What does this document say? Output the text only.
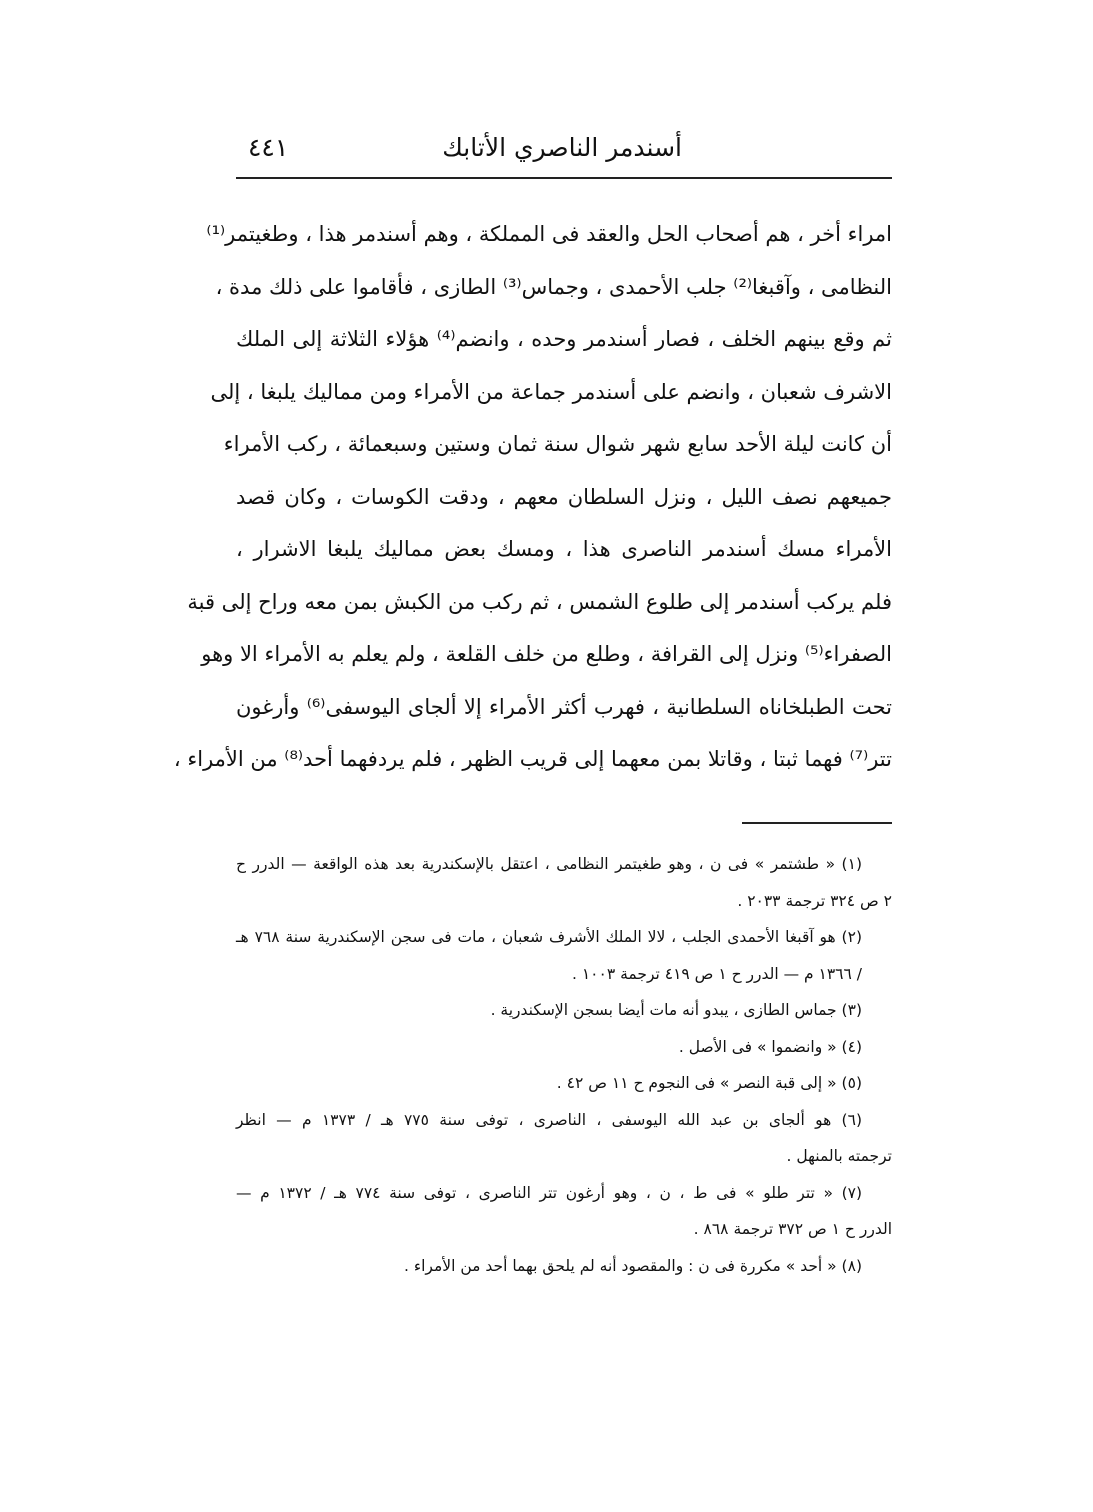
أسندمر الناصري الأتابك
٤٤١
امراء أخر ، هم أصحاب الحل والعقد فى المملكة ، وهم أسندمر هذا ، وطغيتمر⁽¹⁾
النظامى ، وآقبغا⁽²⁾ جلب الأحمدى ، وجماس⁽³⁾ الطازى ، فأقاموا على ذلك مدة ،
ثم وقع بينهم الخلف ، فصار أسندمر وحده ، وانضم⁽⁴⁾ هؤلاء الثلاثة إلى الملك
الاشرف شعبان ، وانضم على أسندمر جماعة من الأمراء ومن مماليك يلبغا ، إلى
أن كانت ليلة الأحد سابع شهر شوال سنة ثمان وستين وسبعمائة ، ركب الأمراء
جميعهم نصف الليل ، ونزل السلطان معهم ، ودقت الكوسات ، وكان قصد
الأمراء مسك أسندمر الناصرى هذا ، ومسك بعض مماليك يلبغا الاشرار ،
فلم يركب أسندمر إلى طلوع الشمس ، ثم ركب من الكبش بمن معه وراح إلى قبة
الصفراء⁽⁵⁾ ونزل إلى القرافة ، وطلع من خلف القلعة ، ولم يعلم به الأمراء الا وهو
تحت الطبلخاناه السلطانية ، فهرب أكثر الأمراء إلا ألجاى اليوسفى⁽⁶⁾ وأرغون
تتر⁽⁷⁾ فهما ثبتا ، وقاتلا بمن معهما إلى قريب الظهر ، فلم يردفهما أحد⁽⁸⁾ من الأمراء ،
(١) « طشتمر » فى ن ، وهو طغيتمر النظامى ، اعتقل بالإسكندرية بعد هذه الواقعة — الدرر ح
٢ ص ٣٢٤ ترجمة ٢٠٣٣ .
(٢) هو آقبغا الأحمدى الجلب ، لالا الملك الأشرف شعبان ، مات فى سجن الإسكندرية سنة ٧٦٨ هـ
/ ١٣٦٦ م — الدرر ح ١ ص ٤١٩ ترجمة ١٠٠٣ .
(٣) جماس الطازى ، يبدو أنه مات أيضا بسجن الإسكندرية .
(٤) « وانضموا » فى الأصل .
(٥) « إلى قبة النصر » فى النجوم ح ١١ ص ٤٢ .
(٦) هو ألجاى بن عبد الله اليوسفى ، الناصرى ، توفى سنة ٧٧٥ هـ / ١٣٧٣ م — انظر
ترجمته بالمنهل .
(٧) « تتر طلو » فى ط ، ن ، وهو أرغون تتر الناصرى ، توفى سنة ٧٧٤ هـ / ١٣٧٢ م —
الدرر ح ١ ص ٣٧٢ ترجمة ٨٦٨ .
(٨) « أحد » مكررة فى ن : والمقصود أنه لم يلحق بهما أحد من الأمراء .
